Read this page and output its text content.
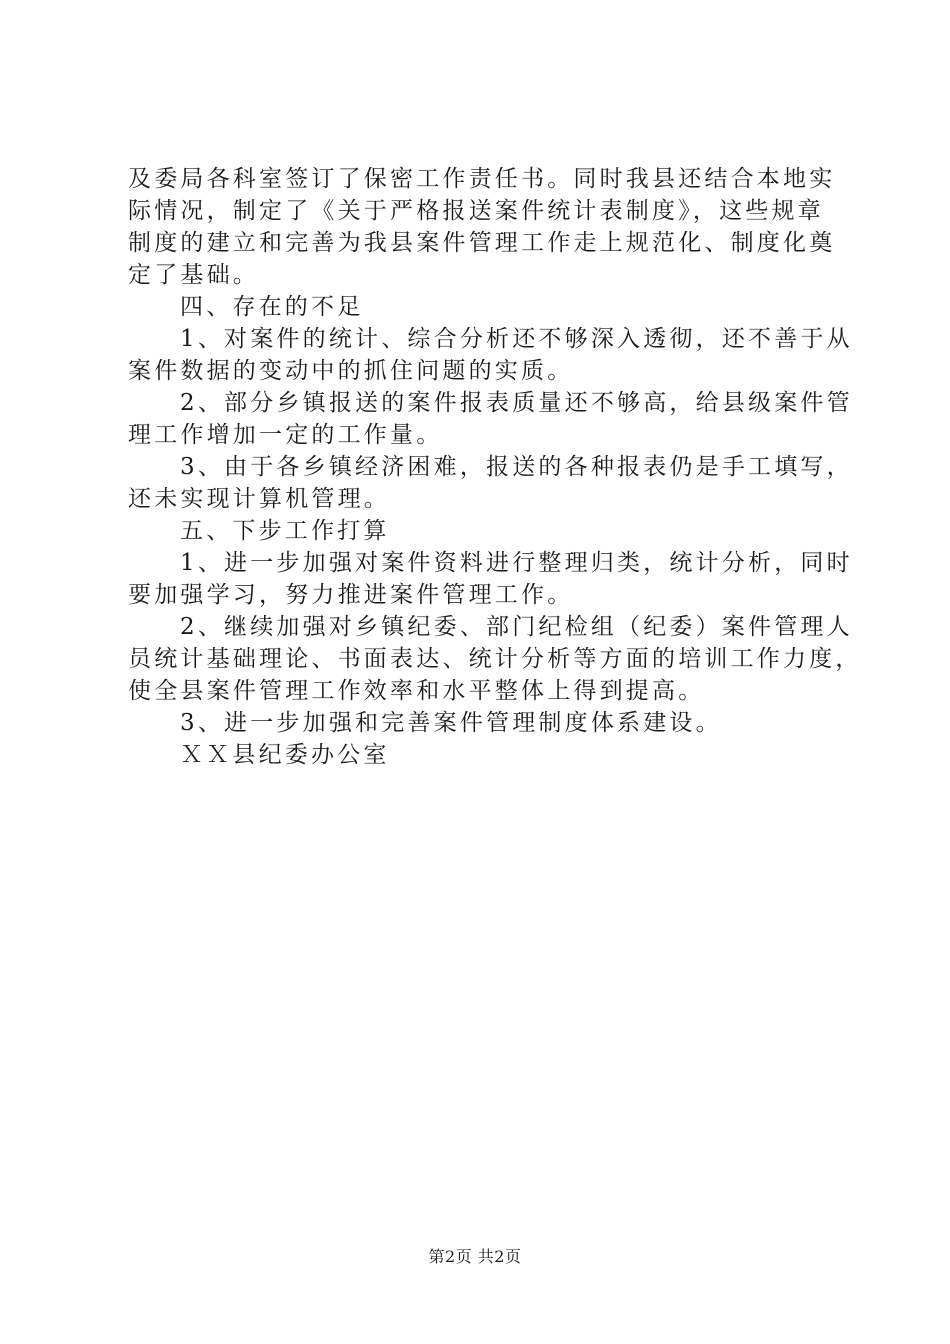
及委局各科室签订了保密工作责任书。同时我县还结合本地实
际情况，制定了《关于严格报送案件统计表制度》，这些规章
制度的建立和完善为我县案件管理工作走上规范化、制度化奠
定了基础。
四、存在的不足
1、对案件的统计、综合分析还不够深入透彻，还不善于从
案件数据的变动中的抓住问题的实质。
2、部分乡镇报送的案件报表质量还不够高，给县级案件管
理工作增加一定的工作量。
3、由于各乡镇经济困难，报送的各种报表仍是手工填写，
还未实现计算机管理。
五、下步工作打算
1、进一步加强对案件资料进行整理归类，统计分析，同时
要加强学习，努力推进案件管理工作。
2、继续加强对乡镇纪委、部门纪检组（纪委）案件管理人
员统计基础理论、书面表达、统计分析等方面的培训工作力度，
使全县案件管理工作效率和水平整体上得到提高。
3、进一步加强和完善案件管理制度体系建设。
ＸＸ县纪委办公室
第2页 共2页
